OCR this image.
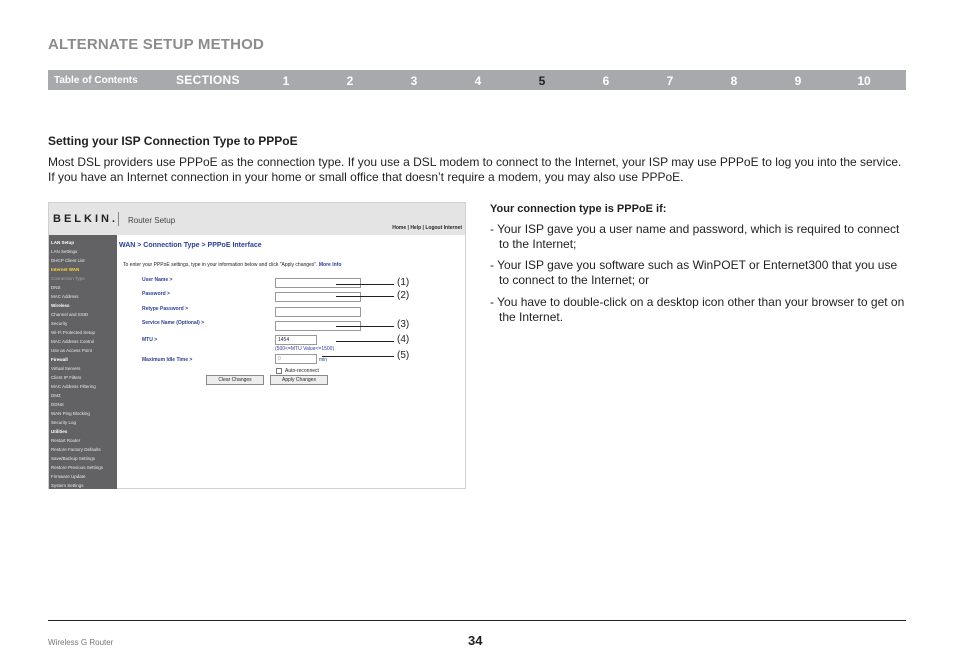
ALTERNATE SETUP METHOD
Table of Contents	SECTIONS	1	2	3	4	5	6	7	8	9	10
Setting your ISP Connection Type to PPPoE
Most DSL providers use PPPoE as the connection type. If you use a DSL modem to connect to the Internet, your ISP may use PPPoE to log you into the service. If you have an Internet connection in your home or small office that doesn’t require a modem, you may also use PPPoE.
BELKIN. Router Setup
Home | Help | Logout Internet
LAN Setup
LAN Settings
DHCP Client List
Internet WAN
Connection Type
DNS
MAC Address
Wireless
Channel and SSID
Security
Wi-Fi Protected Setup
MAC Address Control
Use as Access Point
Firewall
Virtual Servers
Client IP Filters
MAC Address Filtering
DMZ
DDNS
WAN Ping Blocking
Security Log
Utilities
Restart Router
Restore Factory Defaults
Save/Backup Settings
Restore Previous Settings
Firmware Update
System Settings
WAN > Connection Type > PPPoE Interface
To enter your PPPoE settings, type in your information below and click "Apply changes". More Info
User Name >
Password >
Retype Password >
Service Name (Optional) >
MTU >	1454
(500<=MTU Value<=1500)
Maximum Idle Time >	0	min
Auto-reconnect
Clear Changes	Apply Changes
(1)
(2)
(3)
(4)
(5)
Your connection type is PPPoE if:
- Your ISP gave you a user name and password, which is required to connect to the Internet;
- Your ISP gave you software such as WinPOET or Enternet300 that you use to connect to the Internet; or
- You have to double-click on a desktop icon other than your browser to get on the Internet.
Wireless G Router	34
